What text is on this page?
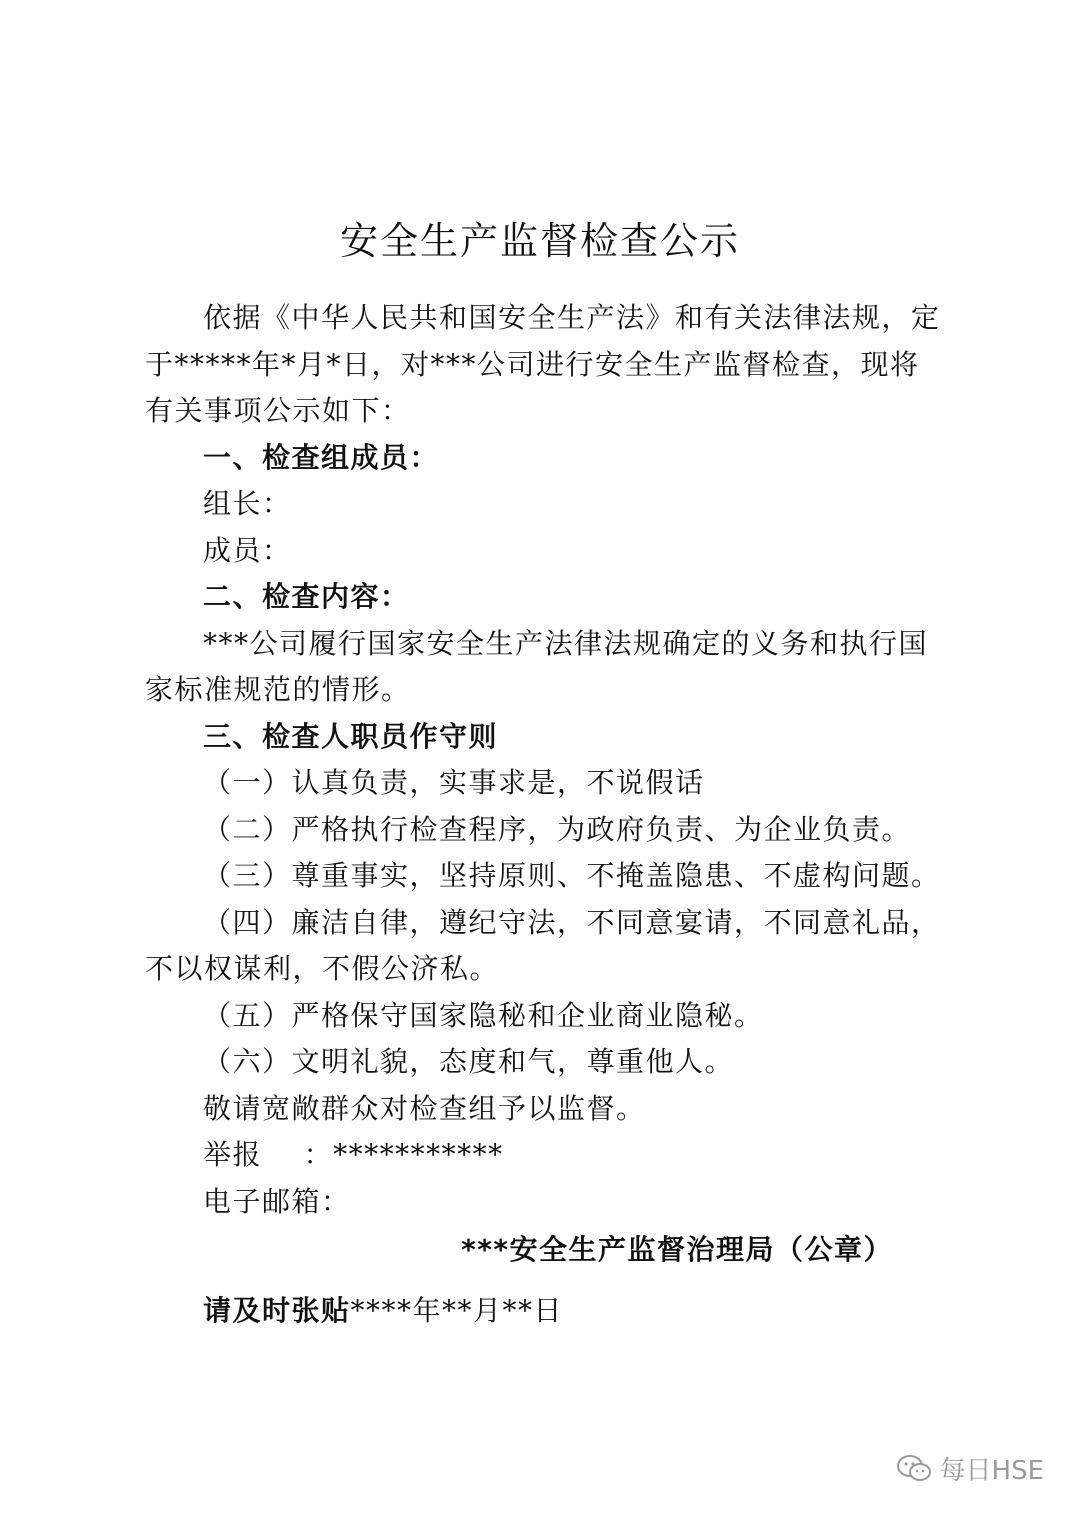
安全生产监督检查公示

依据《中华人民共和国安全生产法》和有关法律法规，定于*****年*月*日，对***公司进行安全生产监督检查，现将有关事项公示如下：

一、检查组成员：

组长：

成员：

二、检查内容：

***公司履行国家安全生产法律法规确定的义务和执行国家标准规范的情形。

三、检查人职员作守则

（一）认真负责，实事求是，不说假话

（二）严格执行检查程序，为政府负责、为企业负责。

（三）尊重事实，坚持原则、不掩盖隐患、不虚构问题。

（四）廉洁自律，遵纪守法，不同意宴请，不同意礼品，不以权谋利，不假公济私。

（五）严格保守国家隐秘和企业商业隐秘。

（六）文明礼貌，态度和气，尊重他人。

敬请宽敞群众对检查组予以监督。

举报 ：***********

电子邮箱：

***安全生产监督治理局（公章）

请及时张贴****年**月**日

每日HSE
